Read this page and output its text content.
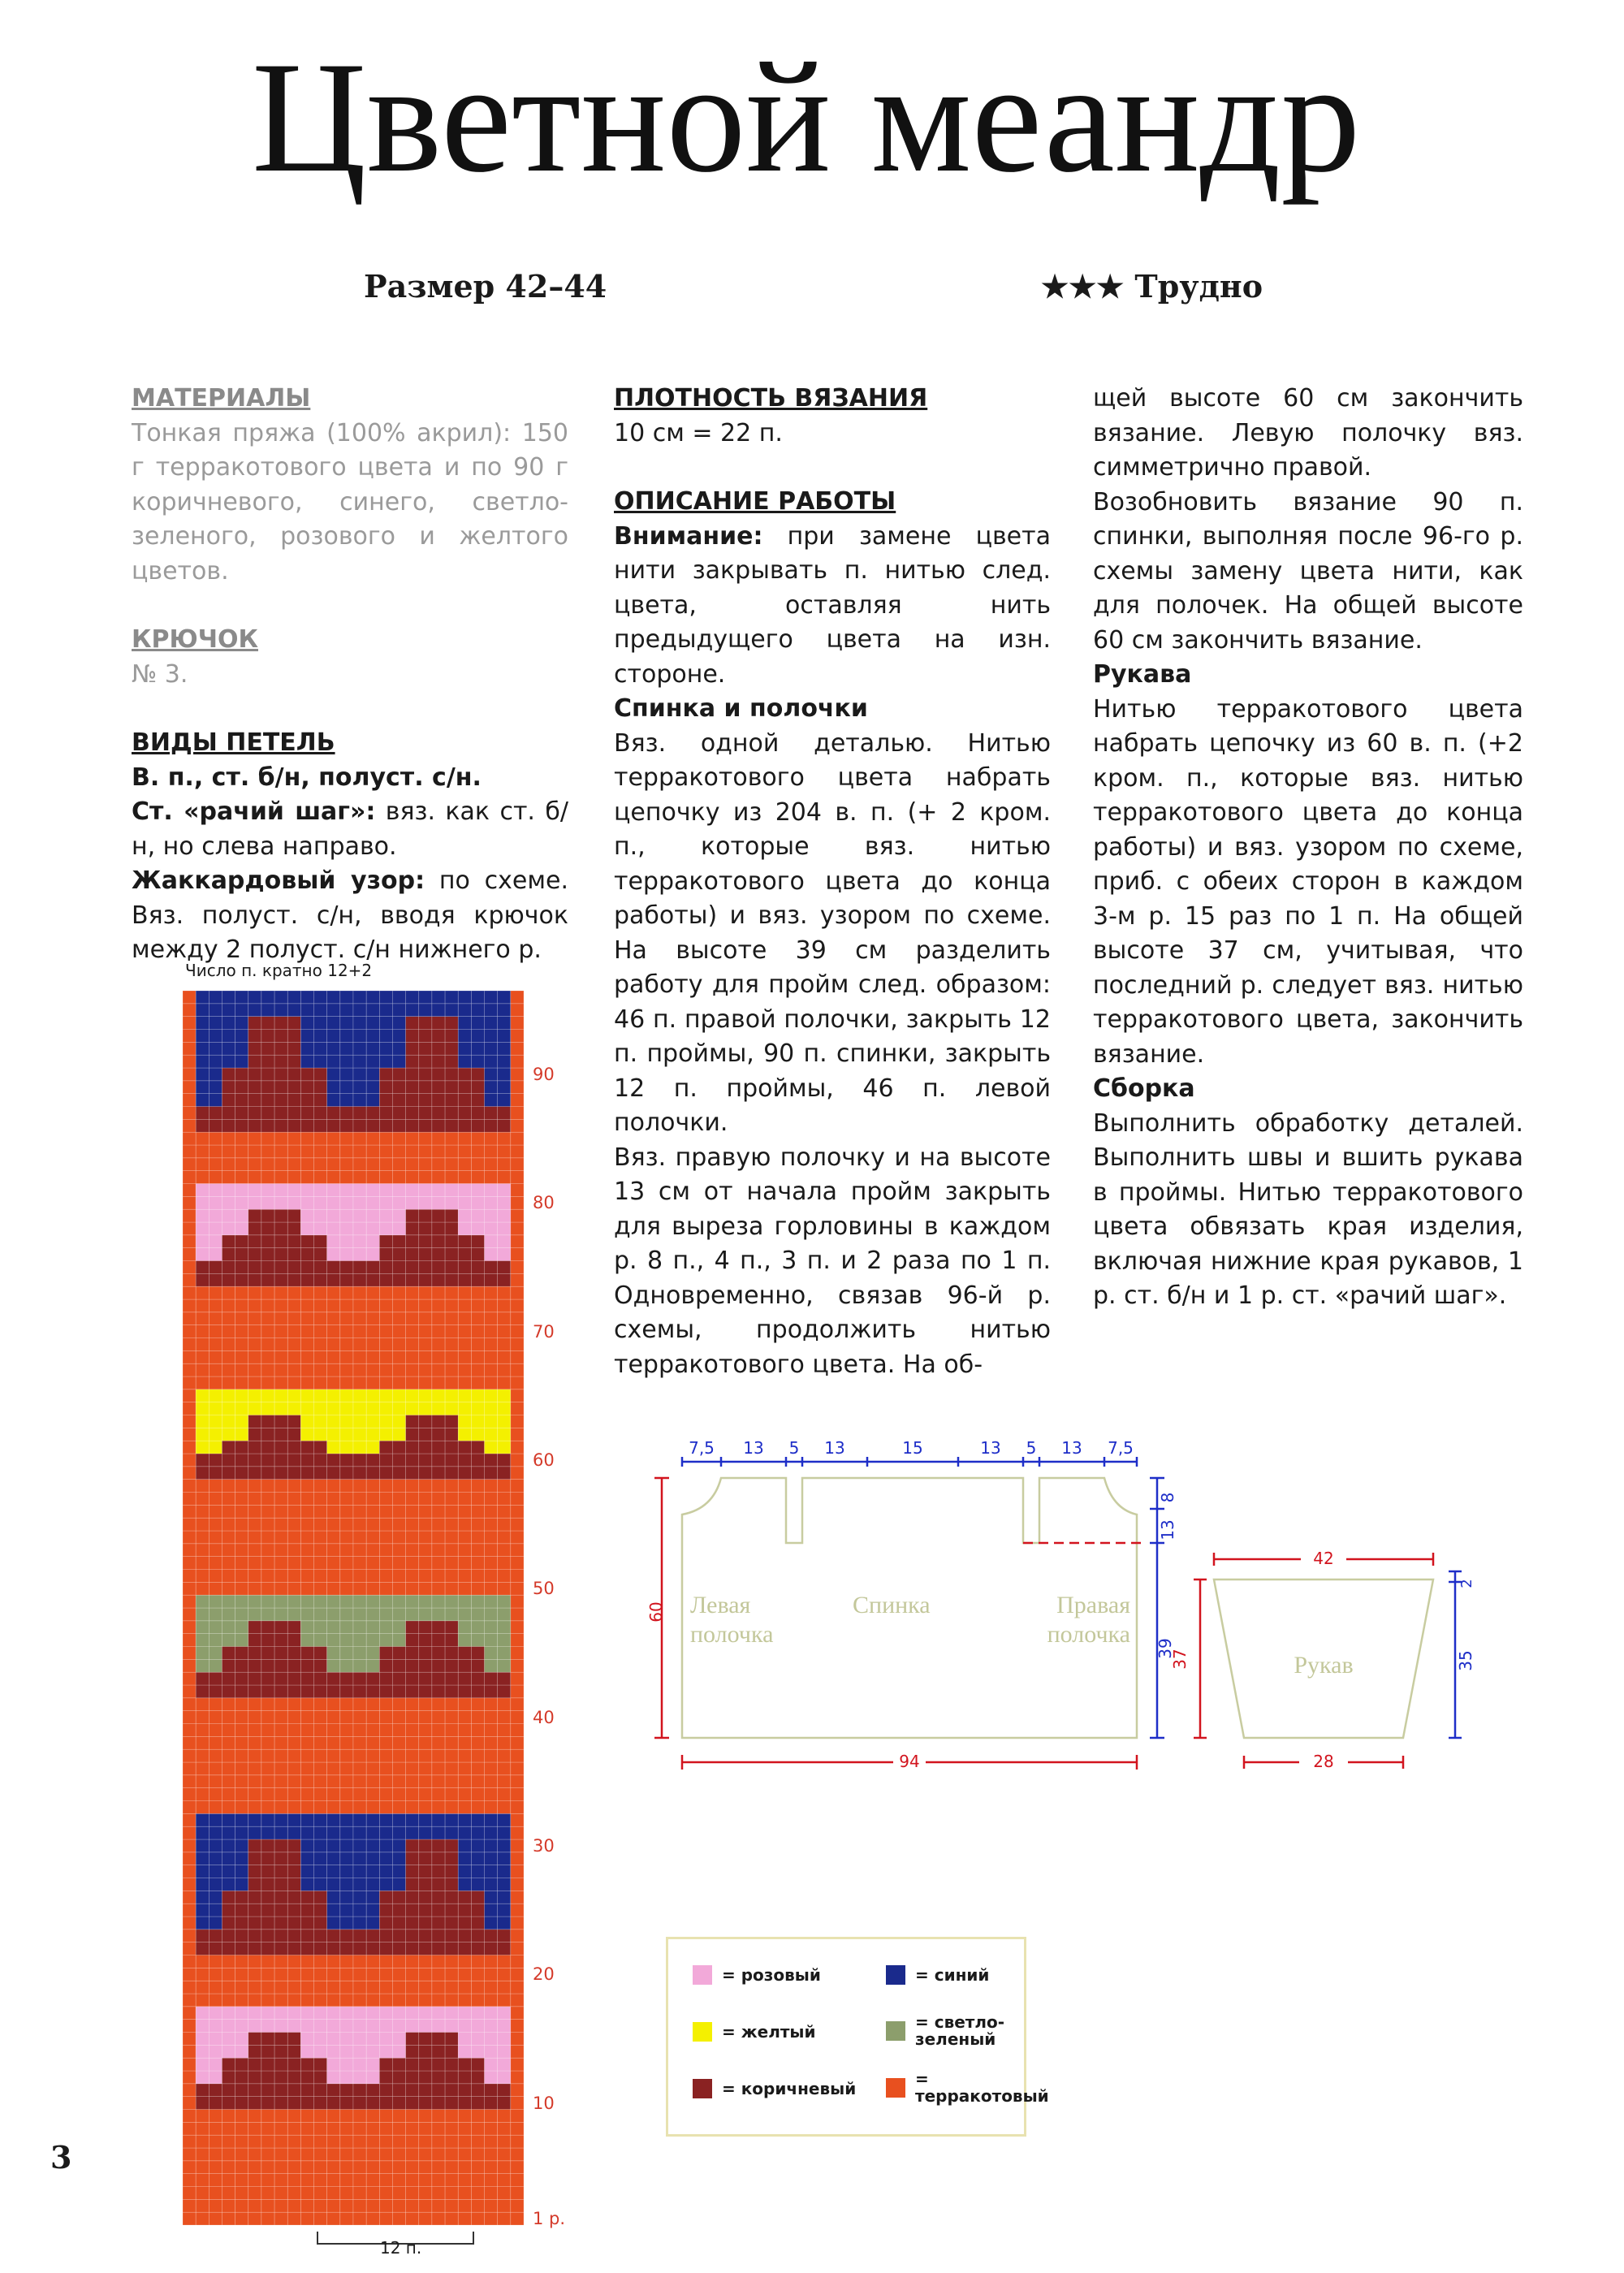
Цветной меандр
Размер 42–44	★★★ Трудно

МАТЕРИАЛЫ

Тонкая пряжа (100% акрил): 150 г терракотового цвета и по 90 г коричневого, синего, светло-зеленого, розового и желтого цветов.

КРЮЧОК

№ 3.

ВИДЫ ПЕТЕЛЬ

В. п., ст. б/н, полуст. с/н.

Ст. «рачий шаг»: вяз. как ст. б/н, но слева направо.

Жаккардовый узор: по схеме. Вяз. полуст. с/н, вводя крючок между 2 полуст. с/н нижнего р.

ПЛОТНОСТЬ ВЯЗАНИЯ

10 см = 22 п.

ОПИСАНИЕ РАБОТЫ

Внимание: при замене цвета нити закрывать п. нитью след. цвета, оставляя нить предыдущего цвета на изн. стороне.

Спинка и полочки

Вяз. одной деталью. Нитью терракотового цвета набрать цепочку из 204 в. п. (+ 2 кром. п., которые вяз. нитью терракотового цвета до конца работы) и вяз. узором по схеме. На высоте 39 см разделить работу для пройм след. образом: 46 п. правой полочки, закрыть 12 п. проймы, 90 п. спинки, закрыть 12 п. проймы, 46 п. левой полочки.

Вяз. правую полочку и на высоте 13 см от начала пройм закрыть для выреза горловины в каждом р. 8 п., 4 п., 3 п. и 2 раза по 1 п. Одновременно, связав 96-й р. схемы, продолжить нитью терракотового цвета. На об-

щей высоте 60 см закончить вязание. Левую полочку вяз. симметрично правой.

Возобновить вязание 90 п. спинки, выполняя после 96-го р. схемы замену цвета нити, как для полочек. На общей высоте 60 см закончить вязание.

Рукава

Нитью терракотового цвета набрать цепочку из 60 в. п. (+2 кром. п., которые вяз. нитью терракотового цвета до конца работы) и вяз. узором по схеме, приб. с обеих сторон в каждом 3-м р. 15 раз по 1 п. На общей высоте 37 см, учитывая, что последний р. следует вяз. нитью терракотового цвета, закончить вязание.

Сборка

Выполнить обработку деталей. Выполнить швы и вшить рукава в проймы. Нитью терракотового цвета обвязать края изделия, включая нижние края рукавов, 1 р. ст. б/н и 1 р. ст. «рачий шаг».

Число п. кратно 12+2
1 р.
10
20
30
40
50
60
70
80
90
12 п.
7,5 13 5 13	15	13 5 13 7,5
60
8
13
39
94
42
28
37
2
35
Левая полочка
Спинка	Правая полочка
Рукав
= розовый	= синий
= желтый	= светло-зеленый
= коричневый	= терракотовый
3
